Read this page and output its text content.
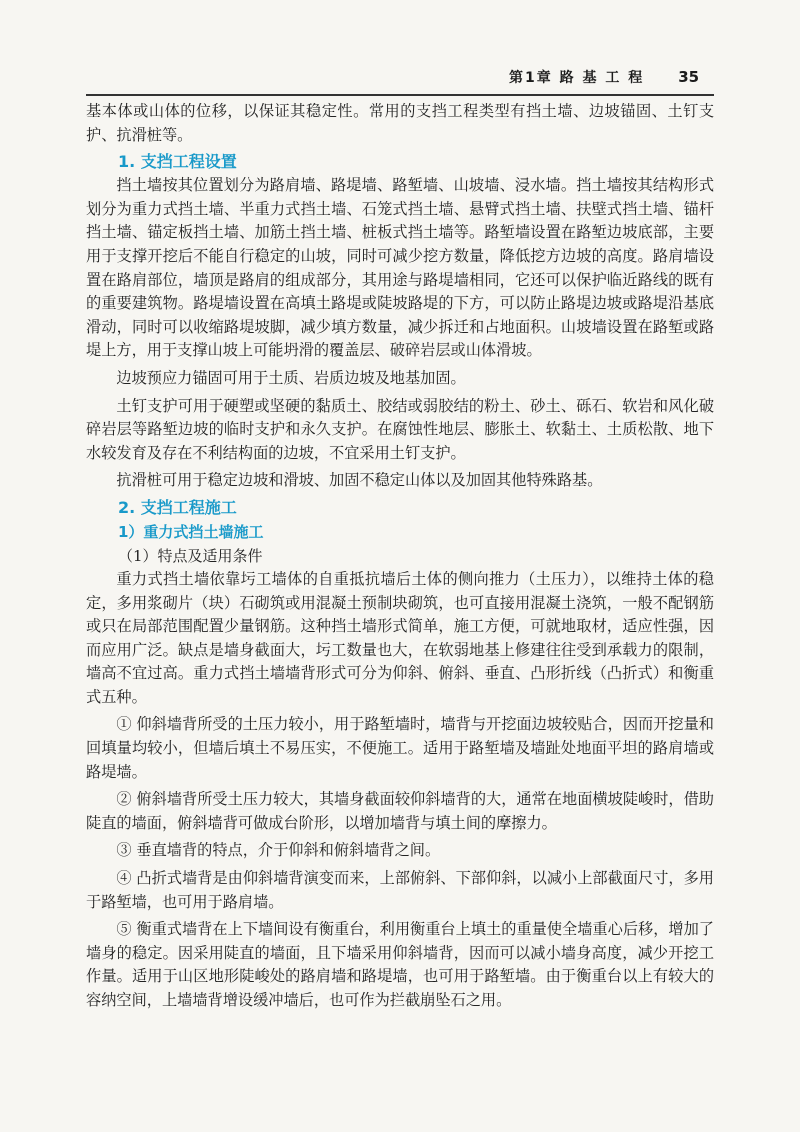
第1章 路 基 工 程 35

基本体或山体的位移，以保证其稳定性。常用的支挡工程类型有挡土墙、边坡锚固、土钉支护、抗滑桩等。

1. 支挡工程设置

挡土墙按其位置划分为路肩墙、路堤墙、路堑墙、山坡墙、浸水墙。挡土墙按其结构形式划分为重力式挡土墙、半重力式挡土墙、石笼式挡土墙、悬臂式挡土墙、扶壁式挡土墙、锚杆挡土墙、锚定板挡土墙、加筋土挡土墙、桩板式挡土墙等。路堑墙设置在路堑边坡底部，主要用于支撑开挖后不能自行稳定的山坡，同时可减少挖方数量，降低挖方边坡的高度。路肩墙设置在路肩部位，墙顶是路肩的组成部分，其用途与路堤墙相同，它还可以保护临近路线的既有的重要建筑物。路堤墙设置在高填土路堤或陡坡路堤的下方，可以防止路堤边坡或路堤沿基底滑动，同时可以收缩路堤坡脚，减少填方数量，减少拆迁和占地面积。山坡墙设置在路堑或路堤上方，用于支撑山坡上可能坍滑的覆盖层、破碎岩层或山体滑坡。

边坡预应力锚固可用于土质、岩质边坡及地基加固。

土钉支护可用于硬塑或坚硬的黏质土、胶结或弱胶结的粉土、砂土、砾石、软岩和风化破碎岩层等路堑边坡的临时支护和永久支护。在腐蚀性地层、膨胀土、软黏土、土质松散、地下水较发育及存在不利结构面的边坡，不宜采用土钉支护。

抗滑桩可用于稳定边坡和滑坡、加固不稳定山体以及加固其他特殊路基。

2. 支挡工程施工
1）重力式挡土墙施工
（1）特点及适用条件

重力式挡土墙依靠圬工墙体的自重抵抗墙后土体的侧向推力（土压力），以维持土体的稳定，多用浆砌片（块）石砌筑或用混凝土预制块砌筑，也可直接用混凝土浇筑，一般不配钢筋或只在局部范围配置少量钢筋。这种挡土墙形式简单，施工方便，可就地取材，适应性强，因而应用广泛。缺点是墙身截面大，圬工数量也大，在软弱地基上修建往往受到承载力的限制，墙高不宜过高。重力式挡土墙墙背形式可分为仰斜、俯斜、垂直、凸形折线（凸折式）和衡重式五种。

① 仰斜墙背所受的土压力较小，用于路堑墙时，墙背与开挖面边坡较贴合，因而开挖量和回填量均较小，但墙后填土不易压实，不便施工。适用于路堑墙及墙趾处地面平坦的路肩墙或路堤墙。

② 俯斜墙背所受土压力较大，其墙身截面较仰斜墙背的大，通常在地面横坡陡峻时，借助陡直的墙面，俯斜墙背可做成台阶形，以增加墙背与填土间的摩擦力。

③ 垂直墙背的特点，介于仰斜和俯斜墙背之间。

④ 凸折式墙背是由仰斜墙背演变而来，上部俯斜、下部仰斜，以减小上部截面尺寸，多用于路堑墙，也可用于路肩墙。

⑤ 衡重式墙背在上下墙间设有衡重台，利用衡重台上填土的重量使全墙重心后移，增加了墙身的稳定。因采用陡直的墙面，且下墙采用仰斜墙背，因而可以减小墙身高度，减少开挖工作量。适用于山区地形陡峻处的路肩墙和路堤墙，也可用于路堑墙。由于衡重台以上有较大的容纳空间，上墙墙背增设缓冲墙后，也可作为拦截崩坠石之用。
